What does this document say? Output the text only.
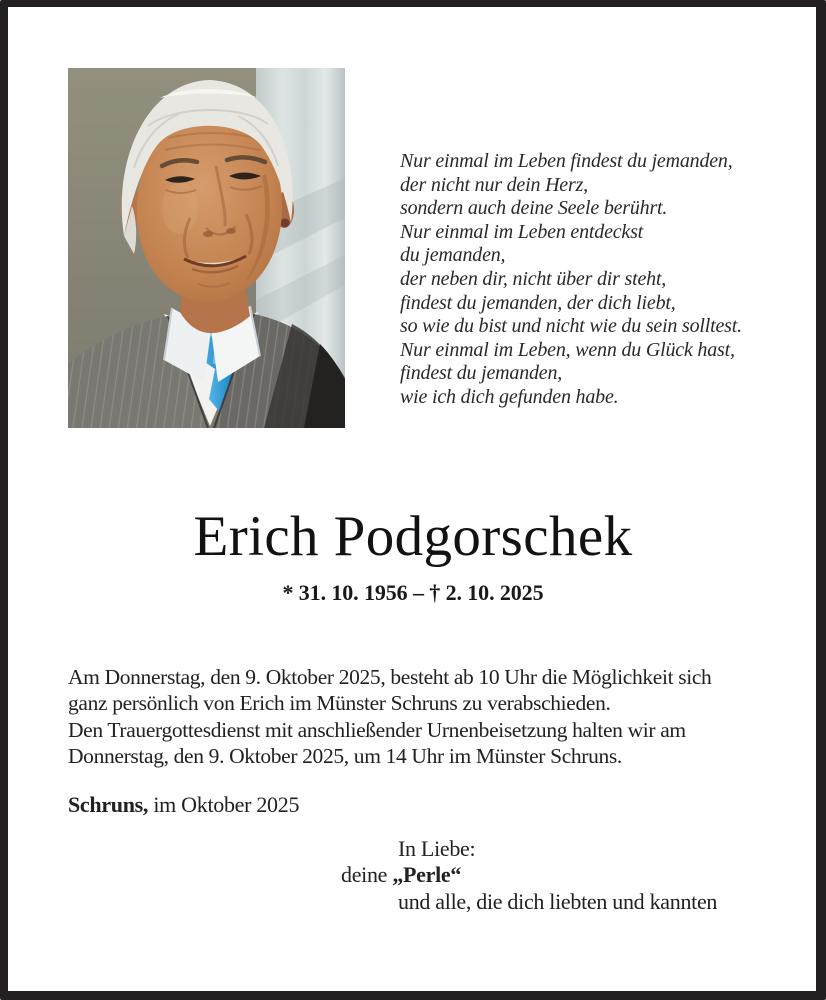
Nur einmal im Leben findest du jemanden,
der nicht nur dein Herz,
sondern auch deine Seele berührt.
Nur einmal im Leben entdeckst
du jemanden,
der neben dir, nicht über dir steht,
findest du jemanden, der dich liebt,
so wie du bist und nicht wie du sein solltest.
Nur einmal im Leben, wenn du Glück hast,
findest du jemanden,
wie ich dich gefunden habe.
Erich Podgorschek
* 31. 10. 1956 – † 2. 10. 2025
Am Donnerstag, den 9. Oktober 2025, besteht ab 10 Uhr die Möglichkeit sich
ganz persönlich von Erich im Münster Schruns zu verabschieden.
Den Trauergottesdienst mit anschließender Urnenbeisetzung halten wir am
Donnerstag, den 9. Oktober 2025, um 14 Uhr im Münster Schruns.
Schruns, im Oktober 2025
In Liebe:
deine „Perle“
und alle, die dich liebten und kannten
